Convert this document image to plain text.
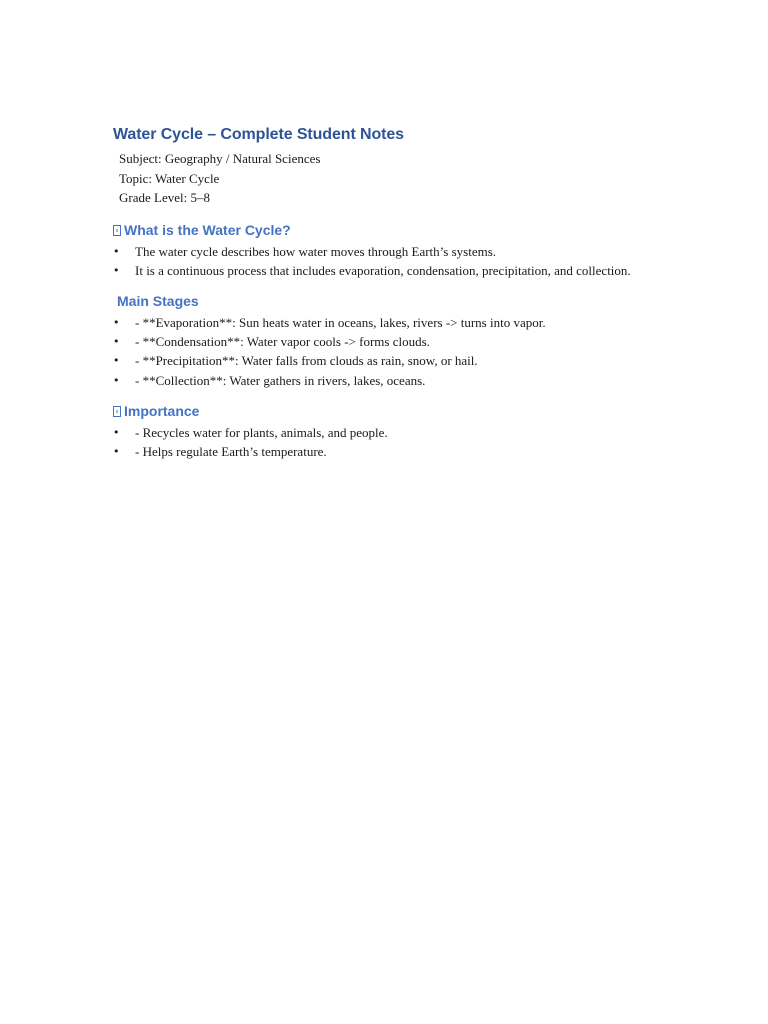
Water Cycle – Complete Student Notes
Subject: Geography / Natural Sciences
Topic: Water Cycle
Grade Level: 5–8
What is the Water Cycle?
• The water cycle describes how water moves through Earth’s systems.
• It is a continuous process that includes evaporation, condensation, precipitation, and collection.
Main Stages
• - **Evaporation**: Sun heats water in oceans, lakes, rivers -> turns into vapor.
• - **Condensation**: Water vapor cools -> forms clouds.
• - **Precipitation**: Water falls from clouds as rain, snow, or hail.
• - **Collection**: Water gathers in rivers, lakes, oceans.
Importance
• - Recycles water for plants, animals, and people.
• - Helps regulate Earth’s temperature.
